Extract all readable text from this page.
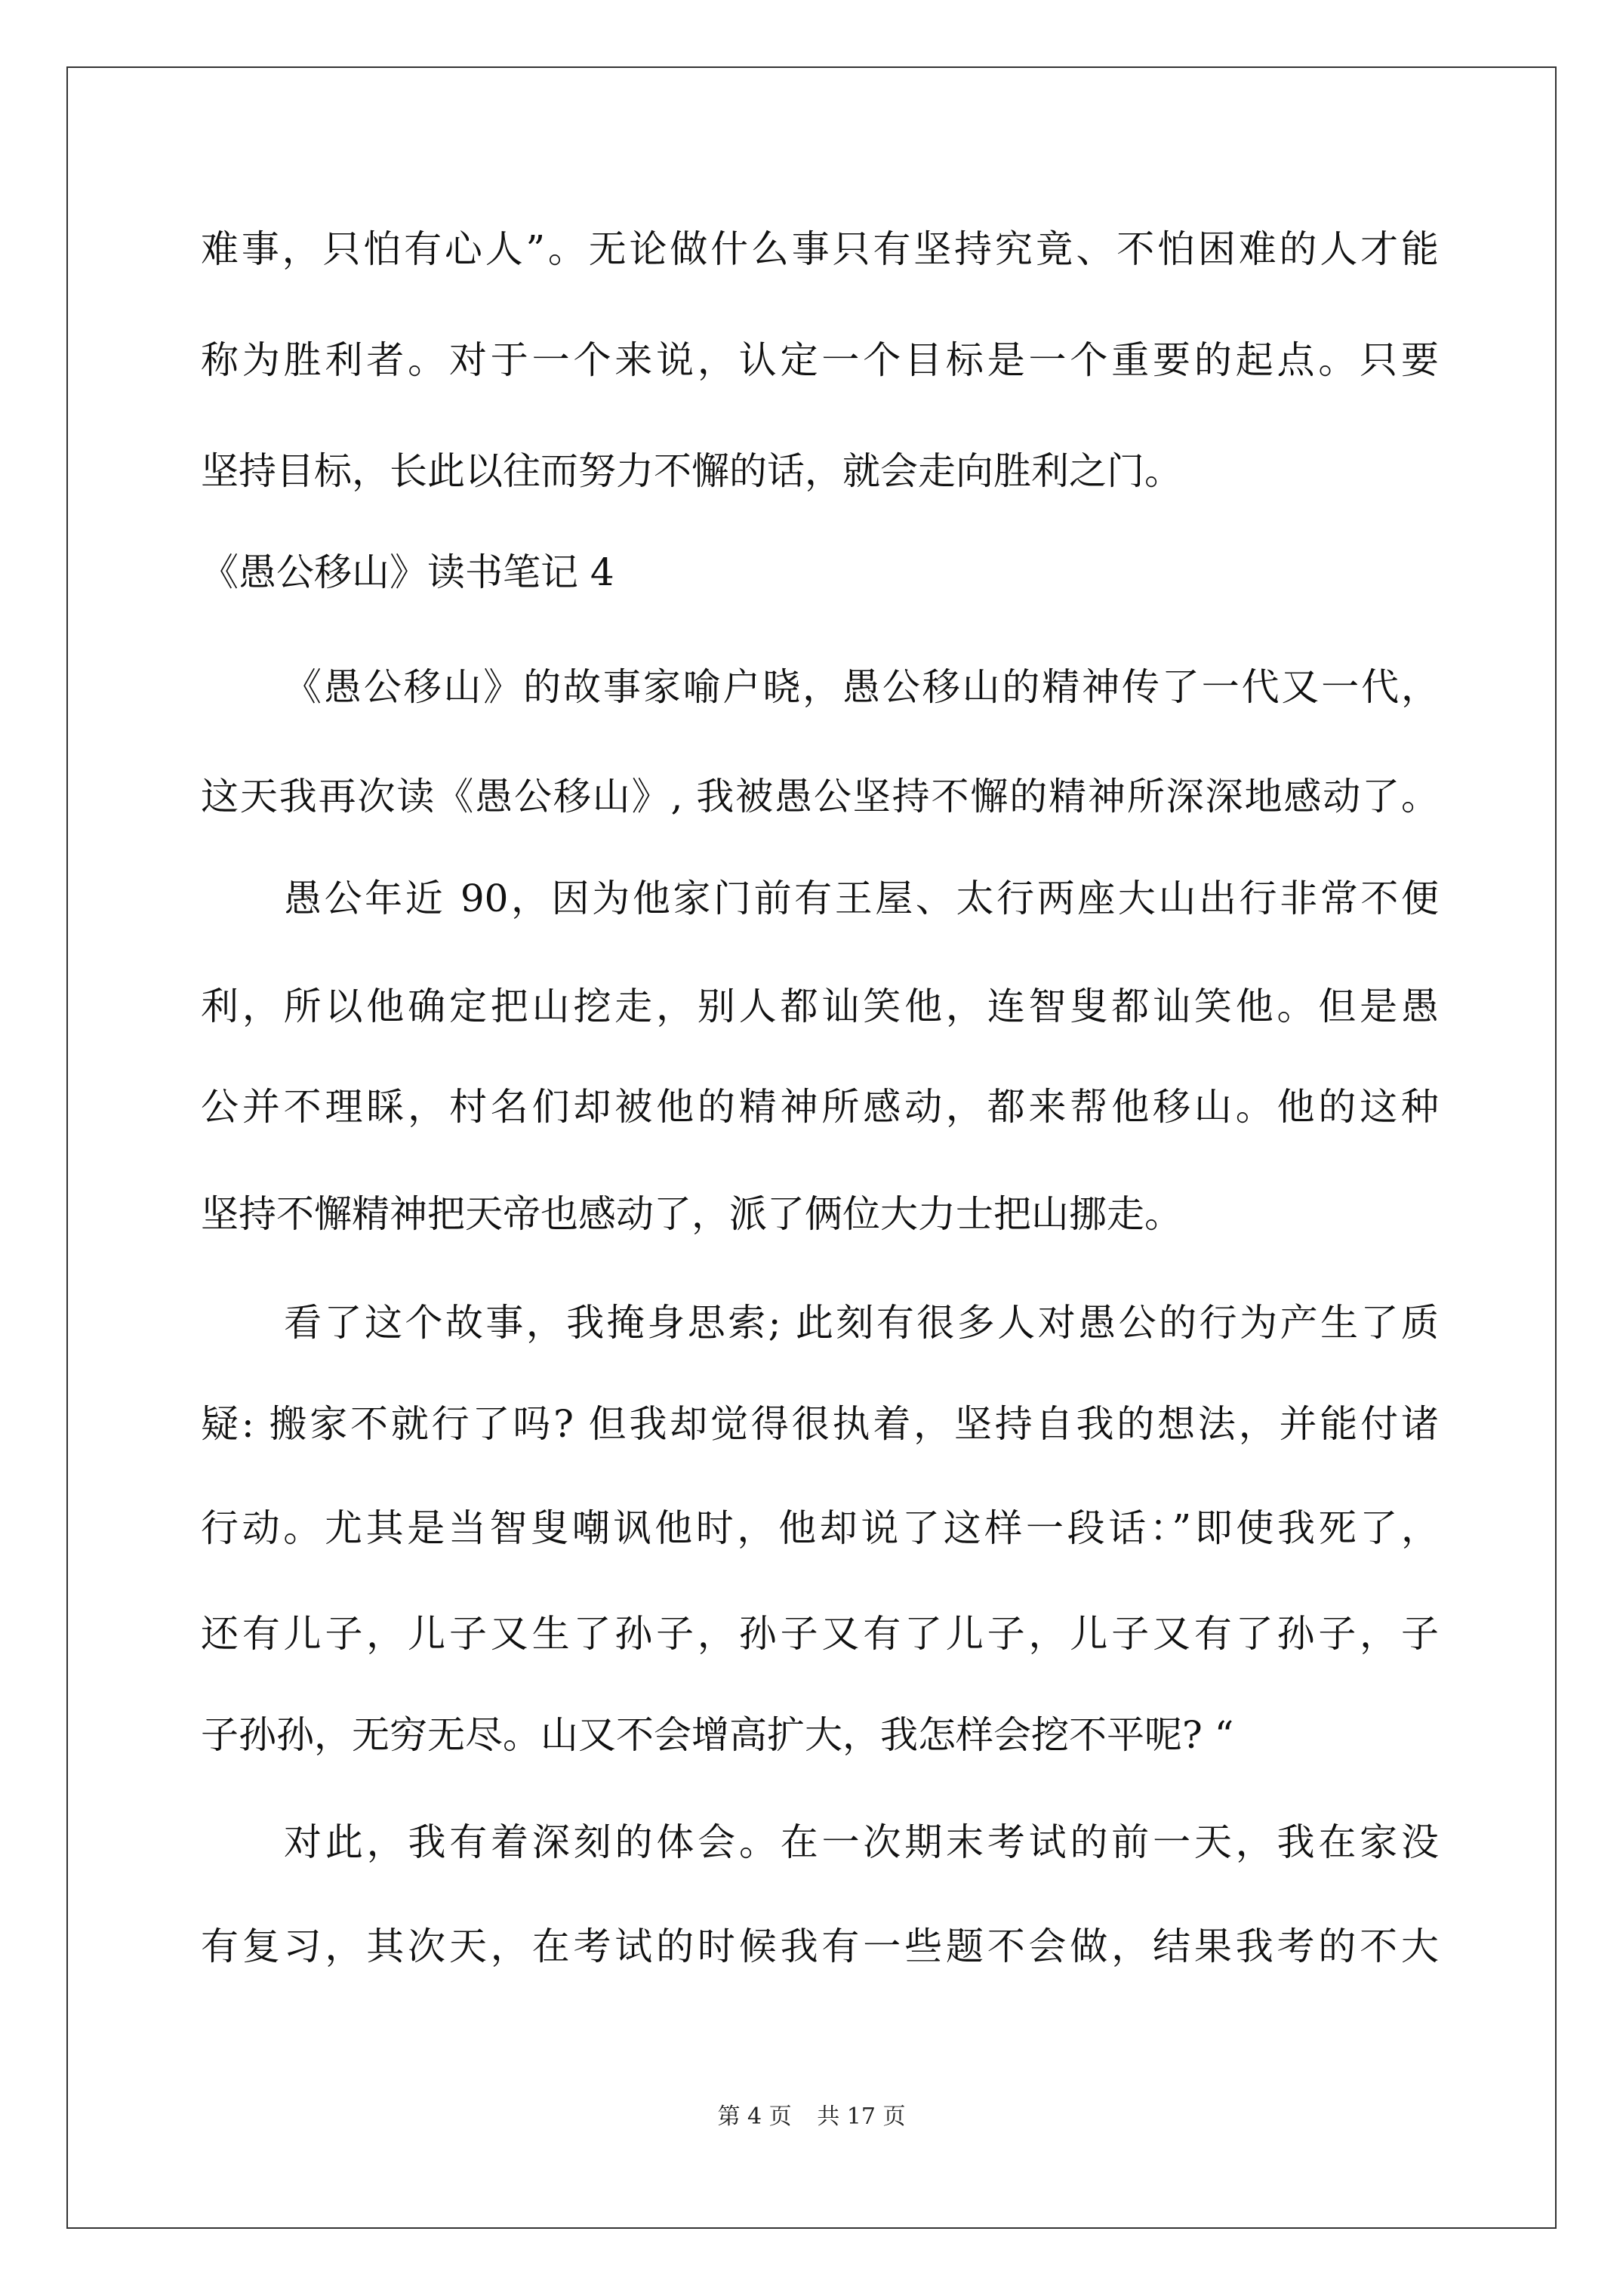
难事，只怕有心人”。无论做什么事只有坚持究竟、不怕困难的人才能
称为胜利者。对于一个来说，认定一个目标是一个重要的起点。只要
坚持目标，长此以往而努力不懈的话，就会走向胜利之门。
《愚公移山》读书笔记 4
《愚公移山》的故事家喻户晓，愚公移山的精神传了一代又一代，
这天我再次读《愚公移山》, 我被愚公坚持不懈的精神所深深地感动了。
愚公年近 90，因为他家门前有王屋、太行两座大山出行非常不便
利，所以他确定把山挖走，别人都讪笑他，连智叟都讪笑他。但是愚
公并不理睬，村名们却被他的精神所感动，都来帮他移山。他的这种
坚持不懈精神把天帝也感动了，派了俩位大力士把山挪走。
看了这个故事，我掩身思索; 此刻有很多人对愚公的行为产生了质
疑: 搬家不就行了吗? 但我却觉得很执着，坚持自我的想法，并能付诸
行动。尤其是当智叟嘲讽他时，他却说了这样一段话：”即使我死了，
还有儿子，儿子又生了孙子，孙子又有了儿子，儿子又有了孙子，子
子孙孙，无穷无尽。山又不会增高扩大，我怎样会挖不平呢? “
对此，我有着深刻的体会。在一次期末考试的前一天，我在家没
有复习，其次天，在考试的时候我有一些题不会做，结果我考的不大
第 4 页 共 17 页
